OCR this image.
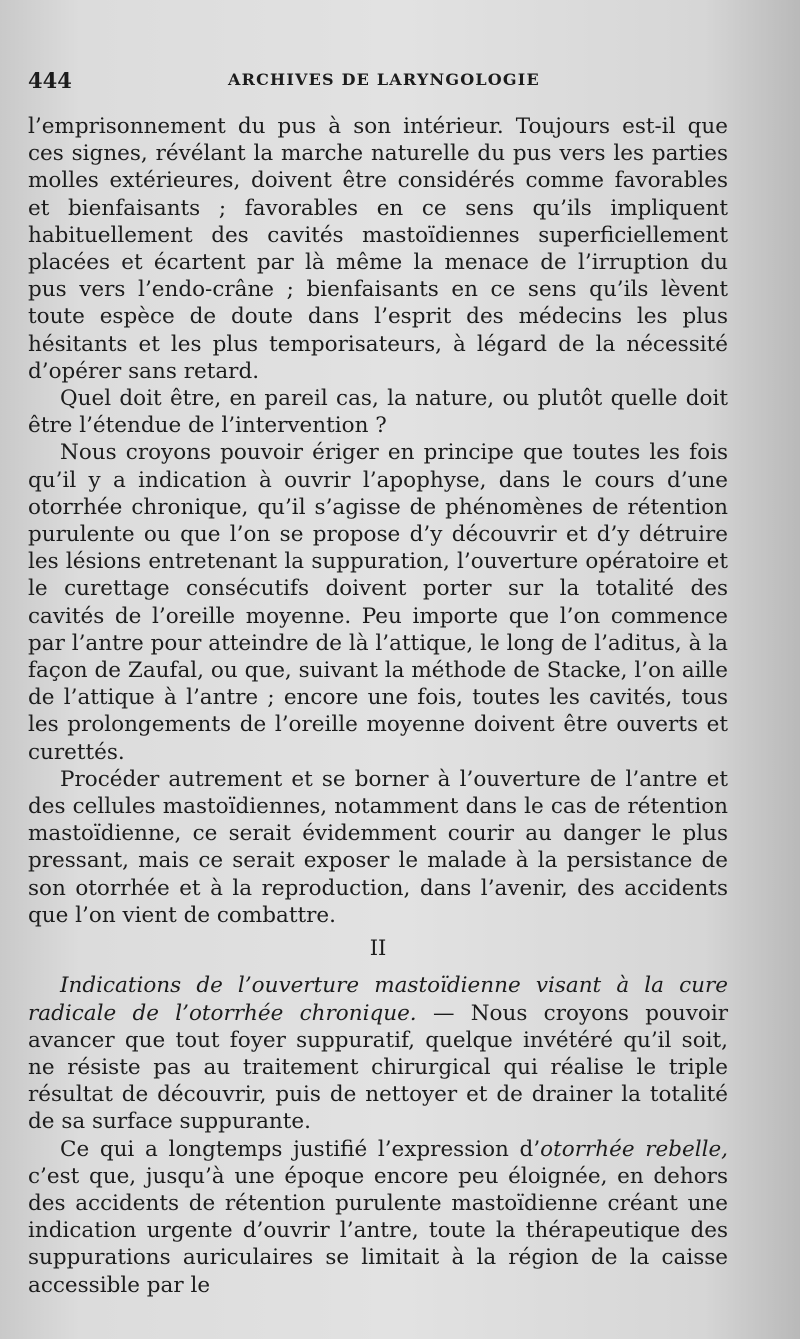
444	ARCHIVES DE LARYNGOLOGIE

l’emprisonnement du pus à son intérieur. Toujours est-il que ces signes, révélant la marche naturelle du pus vers les parties molles extérieures, doivent être considérés comme favorables et bienfaisants ; favorables en ce sens qu’ils impliquent habituellement des cavités mastoïdiennes superficiellement placées et écartent par là même la menace de l’irruption du pus vers l’endo-crâne ; bienfaisants en ce sens qu’ils lèvent toute espèce de doute dans l’esprit des médecins les plus hésitants et les plus temporisateurs, à légard de la nécessité d’opérer sans retard.

Quel doit être, en pareil cas, la nature, ou plutôt quelle doit être l’étendue de l’intervention ?

Nous croyons pouvoir ériger en principe que toutes les fois qu’il y a indication à ouvrir l’apophyse, dans le cours d’une otorrhée chronique, qu’il s’agisse de phénomènes de rétention purulente ou que l’on se propose d’y découvrir et d’y détruire les lésions entretenant la suppuration, l’ouverture opératoire et le curettage consécutifs doivent porter sur la totalité des cavités de l’oreille moyenne. Peu importe que l’on commence par l’antre pour atteindre de là l’attique, le long de l’aditus, à la façon de Zaufal, ou que, suivant la méthode de Stacke, l’on aille de l’attique à l’antre ; encore une fois, toutes les cavités, tous les prolongements de l’oreille moyenne doivent être ouverts et curettés.

Procéder autrement et se borner à l’ouverture de l’antre et des cellules mastoïdiennes, notamment dans le cas de rétention mastoïdienne, ce serait évidemment courir au danger le plus pressant, mais ce serait exposer le malade à la persistance de son otorrhée et à la reproduction, dans l’avenir, des accidents que l’on vient de combattre.

II

Indications de l’ouverture mastoïdienne visant à la cure radicale de l’otorrhée chronique. — Nous croyons pouvoir avancer que tout foyer suppuratif, quelque invétéré qu’il soit, ne résiste pas au traitement chirurgical qui réalise le triple résultat de découvrir, puis de nettoyer et de drainer la totalité de sa surface suppurante.

Ce qui a longtemps justifié l’expression d’otorrhée rebelle, c’est que, jusqu’à une époque encore peu éloignée, en dehors des accidents de rétention purulente mastoïdienne créant une indication urgente d’ouvrir l’antre, toute la thérapeutique des suppurations auriculaires se limitait à la région de la caisse accessible par le
